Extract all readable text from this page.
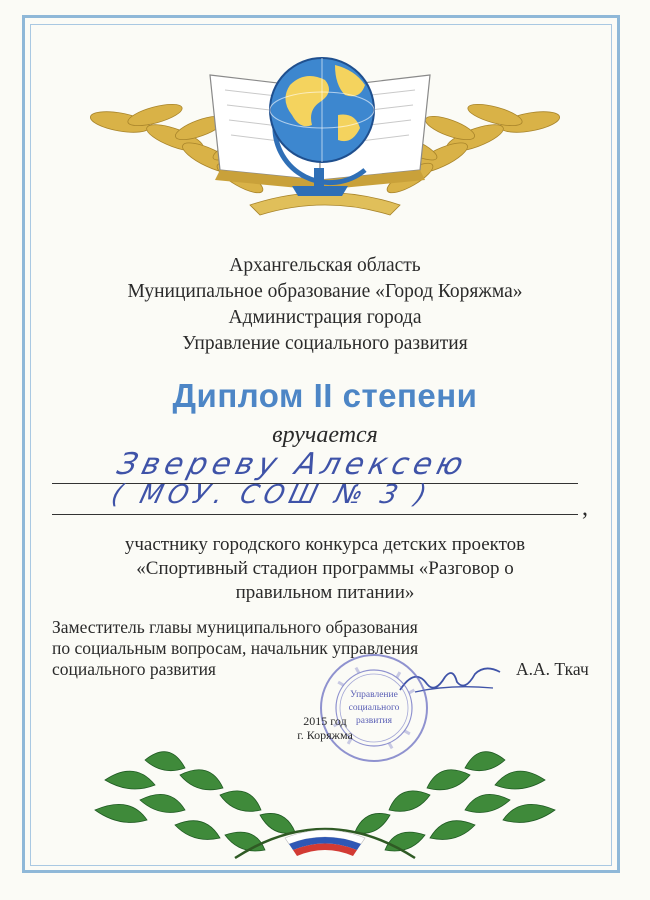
Архангельская область
Муниципальное образование «Город Коряжма»
Администрация города
Управление социального развития
Диплом II степени
вручается
Звереву Алексею
( МОУ. СОШ № 3 )	,
участнику городского конкурса детских проектов
«Спортивный стадион программы «Разговор о
правильном питании»
Заместитель главы муниципального образования
по социальным вопросам, начальник управления
социального развития	А.А. Ткач
Управление
социального
развития
2015 год
г. Коряжма
